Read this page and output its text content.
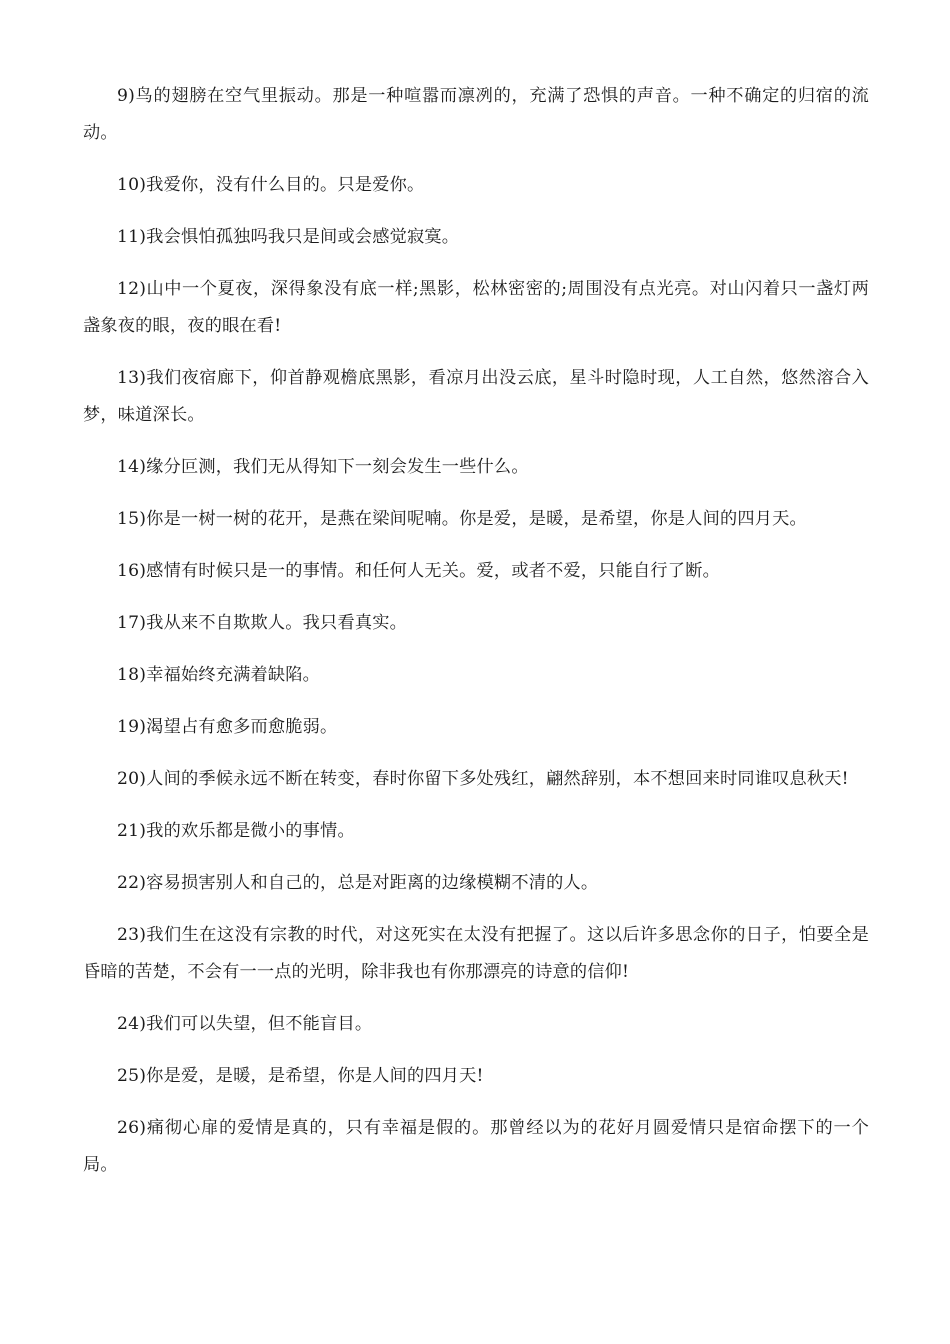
9)鸟的翅膀在空气里振动。那是一种喧嚣而凛冽的，充满了恐惧的声音。一种不确定的归宿的流动。

10)我爱你，没有什么目的。只是爱你。

11)我会惧怕孤独吗我只是间或会感觉寂寞。

12)山中一个夏夜，深得象没有底一样;黑影，松林密密的;周围没有点光亮。对山闪着只一盏灯两盏象夜的眼，夜的眼在看!

13)我们夜宿廊下，仰首静观檐底黑影，看凉月出没云底，星斗时隐时现，人工自然，悠然溶合入梦，味道深长。

14)缘分叵测，我们无从得知下一刻会发生一些什么。

15)你是一树一树的花开，是燕在梁间呢喃。你是爱，是暖，是希望，你是人间的四月天。

16)感情有时候只是一的事情。和任何人无关。爱，或者不爱，只能自行了断。

17)我从来不自欺欺人。我只看真实。

18)幸福始终充满着缺陷。

19)渴望占有愈多而愈脆弱。

20)人间的季候永远不断在转变，春时你留下多处残红，翩然辞别，本不想回来时同谁叹息秋天!

21)我的欢乐都是微小的事情。

22)容易损害别人和自己的，总是对距离的边缘模糊不清的人。

23)我们生在这没有宗教的时代，对这死实在太没有把握了。这以后许多思念你的日子，怕要全是昏暗的苦楚，不会有一一点的光明，除非我也有你那漂亮的诗意的信仰!

24)我们可以失望，但不能盲目。

25)你是爱，是暖，是希望，你是人间的四月天!

26)痛彻心扉的爱情是真的，只有幸福是假的。那曾经以为的花好月圆爱情只是宿命摆下的一个局。
